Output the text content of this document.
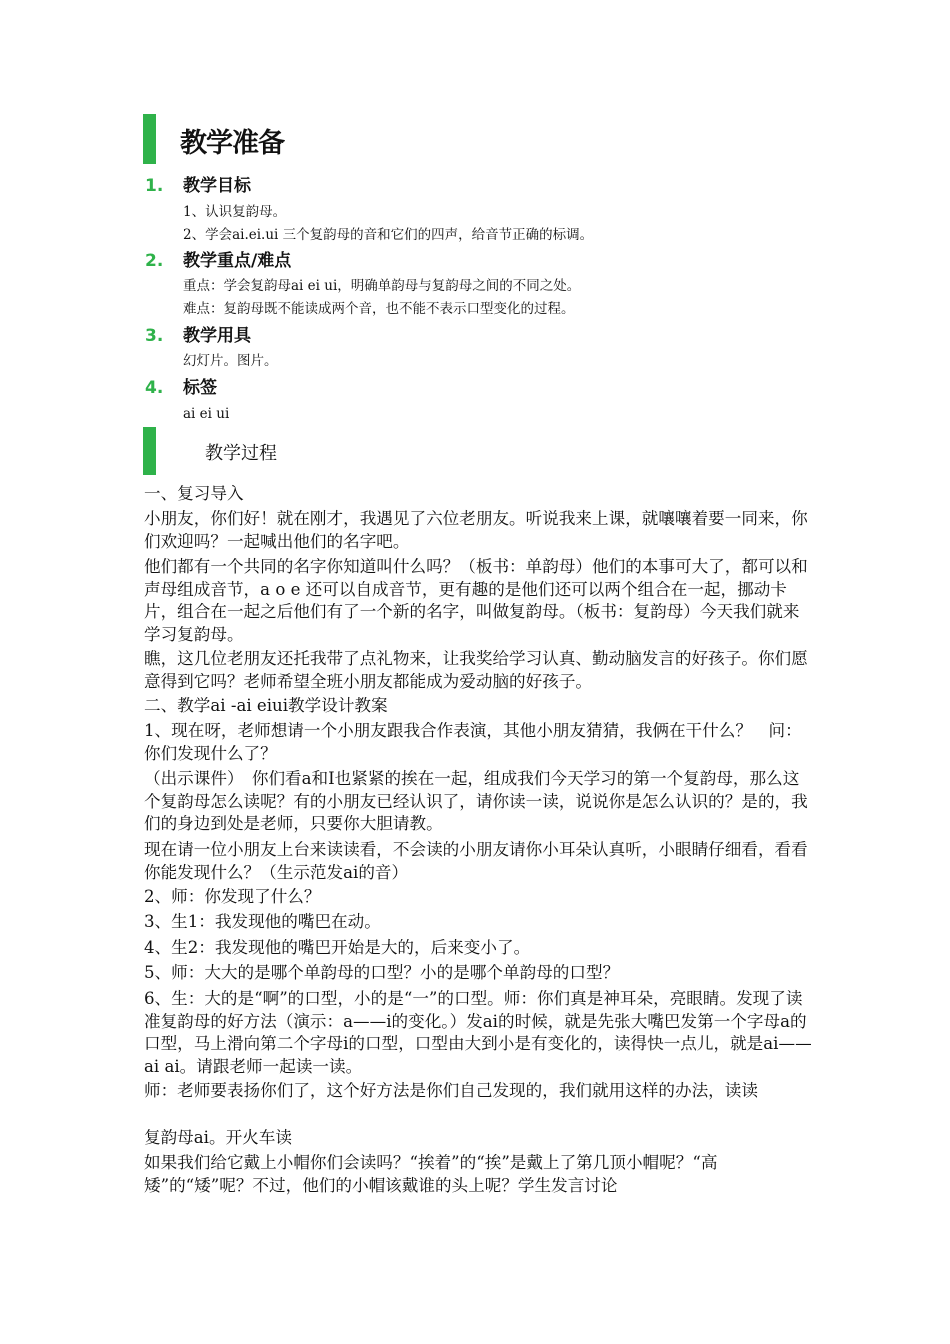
教学准备
1. 教学目标
1、认识复韵母。
2、学会ai.ei.ui 三个复韵母的音和它们的四声，给音节正确的标调。
2. 教学重点/难点
重点：学会复韵母ai ei ui，明确单韵母与复韵母之间的不同之处。
难点：复韵母既不能读成两个音，也不能不表示口型变化的过程。
3. 教学用具
幻灯片。图片。
4. 标签
ai ei ui
教学过程
一、复习导入
小朋友，你们好！就在刚才，我遇见了六位老朋友。听说我来上课，就嚷嚷着要一同来，你们欢迎吗？一起喊出他们的名字吧。
他们都有一个共同的名字你知道叫什么吗？（板书：单韵母）他们的本事可大了，都可以和声母组成音节，a o e 还可以自成音节，更有趣的是他们还可以两个组合在一起，挪动卡片，组合在一起之后他们有了一个新的名字，叫做复韵母。（板书：复韵母）今天我们就来学习复韵母。
瞧，这几位老朋友还托我带了点礼物来，让我奖给学习认真、勤动脑发言的好孩子。你们愿意得到它吗？老师希望全班小朋友都能成为爱动脑的好孩子。
二、教学ai -ai eiui教学设计教案
1、现在呀，老师想请一个小朋友跟我合作表演，其他小朋友猜猜，我俩在干什么？　问：你们发现什么了？
（出示课件）　你们看a和I也紧紧的挨在一起，组成我们今天学习的第一个复韵母，那么这个复韵母怎么读呢？有的小朋友已经认识了，请你读一读，说说你是怎么认识的？是的，我们的身边到处是老师，只要你大胆请教。
现在请一位小朋友上台来读读看，不会读的小朋友请你小耳朵认真听，小眼睛仔细看，看看你能发现什么？（生示范发ai的音）
2、师：你发现了什么？
3、生1：我发现他的嘴巴在动。
4、生2：我发现他的嘴巴开始是大的，后来变小了。
5、师：大大的是哪个单韵母的口型？小的是哪个单韵母的口型？
6、生：大的是“啊”的口型，小的是“一”的口型。师：你们真是神耳朵，亮眼睛。发现了读准复韵母的好方法（演示：a——i的变化。）发ai的时候，就是先张大嘴巴发第一个字母a的口型，马上滑向第二个字母i的口型，口型由大到小是有变化的，读得快一点儿，就是ai—— ai ai。请跟老师一起读一读。
师：老师要表扬你们了，这个好方法是你们自己发现的，我们就用这样的办法，读读
复韵母ai。开火车读
如果我们给它戴上小帽你们会读吗？“挨着”的“挨”是戴上了第几顶小帽呢？“高矮”的“矮”呢？不过，他们的小帽该戴谁的头上呢？学生发言讨论
